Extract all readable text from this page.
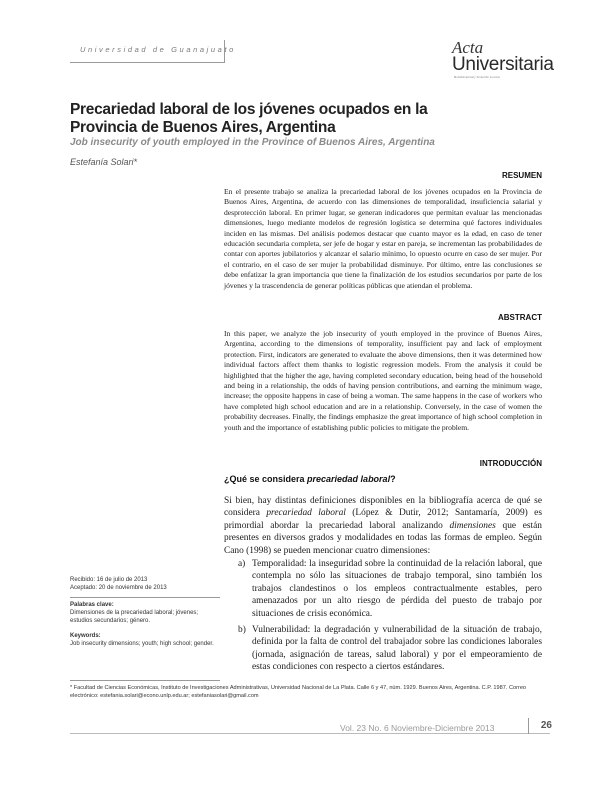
Universidad de Guanajuato	Acta
Universitaria
Multidisciplinary Scientific Journal
Precariedad laboral de los jóvenes ocupados en la
Provincia de Buenos Aires, Argentina
Job insecurity of youth employed in the Province of Buenos Aires, Argentina
Estefanía Solari*
RESUMEN
En el presente trabajo se analiza la precariedad laboral de los jóvenes ocupados en la Provincia de Buenos Aires, Argentina, de acuerdo con las dimensiones de temporalidad, insuficiencia salarial y desprotección laboral. En primer lugar, se generan indicadores que permitan evaluar las mencionadas dimensiones, luego mediante modelos de regresión logística se determina qué factores individuales inciden en las mismas. Del análisis podemos destacar que cuanto mayor es la edad, en caso de tener educación secundaria completa, ser jefe de hogar y estar en pareja, se incrementan las probabilidades de contar con aportes jubilatorios y alcanzar el salario mínimo, lo opuesto ocurre en caso de ser mujer. Por el contrario, en el caso de ser mujer la probabilidad disminuye. Por último, entre las conclusiones se debe enfatizar la gran importancia que tiene la finalización de los estudios secundarios por parte de los jóvenes y la trascendencia de generar políticas públicas que atiendan el problema.
ABSTRACT
In this paper, we analyze the job insecurity of youth employed in the province of Buenos Aires, Argentina, according to the dimensions of temporality, insufficient pay and lack of employment protection. First, indicators are generated to evaluate the above dimensions, then it was determined how individual factors affect them thanks to logistic regression models. From the analysis it could be highlighted that the higher the age, having completed secondary education, being head of the household and being in a relationship, the odds of having pension contributions, and earning the minimum wage, increase; the opposite happens in case of being a woman. The same happens in the case of workers who have completed high school education and are in a relationship. Conversely, in the case of women the probability decreases. Finally, the findings emphasize the great importance of high school completion in youth and the importance of establishing public policies to mitigate the problem.
INTRODUCCIÓN
¿Qué se considera precariedad laboral?
Si bien, hay distintas definiciones disponibles en la bibliografía acerca de qué se considera precariedad laboral (López & Dutir, 2012; Santamaría, 2009) es primordial abordar la precariedad laboral analizando dimensiones que están presentes en diversos grados y modalidades en todas las formas de empleo. Según Cano (1998) se pueden mencionar cuatro dimensiones:
a) Temporalidad: la inseguridad sobre la continuidad de la relación laboral, que contempla no sólo las situaciones de trabajo temporal, sino también los trabajos clandestinos o los empleos contractualmente estables, pero amenazados por un alto riesgo de pérdida del puesto de trabajo por situaciones de crisis económica.
b) Vulnerabilidad: la degradación y vulnerabilidad de la situación de trabajo, definida por la falta de control del trabajador sobre las condiciones laborales (jornada, asignación de tareas, salud laboral) y por el empeoramiento de estas condiciones con respecto a ciertos estándares.
Recibido: 16 de julio de 2013
Aceptado: 20 de noviembre de 2013
Palabras clave:
Dimensiones de la precariedad laboral; jóvenes; estudios secundarios; género.
Keywords:
Job insecurity dimensions; youth; high school; gender.
* Facultad de Ciencias Económicas, Instituto de Investigaciones Administrativas, Universidad Nacional de La Plata. Calle 6 y 47, núm. 1929. Buenos Aires, Argentina. C.P. 1987. Correo electrónico: estefania.solari@econo.unlp.edu.ar; estefaniasolari@gmail.com
Vol. 23 No. 6 Noviembre-Diciembre 2013	26
